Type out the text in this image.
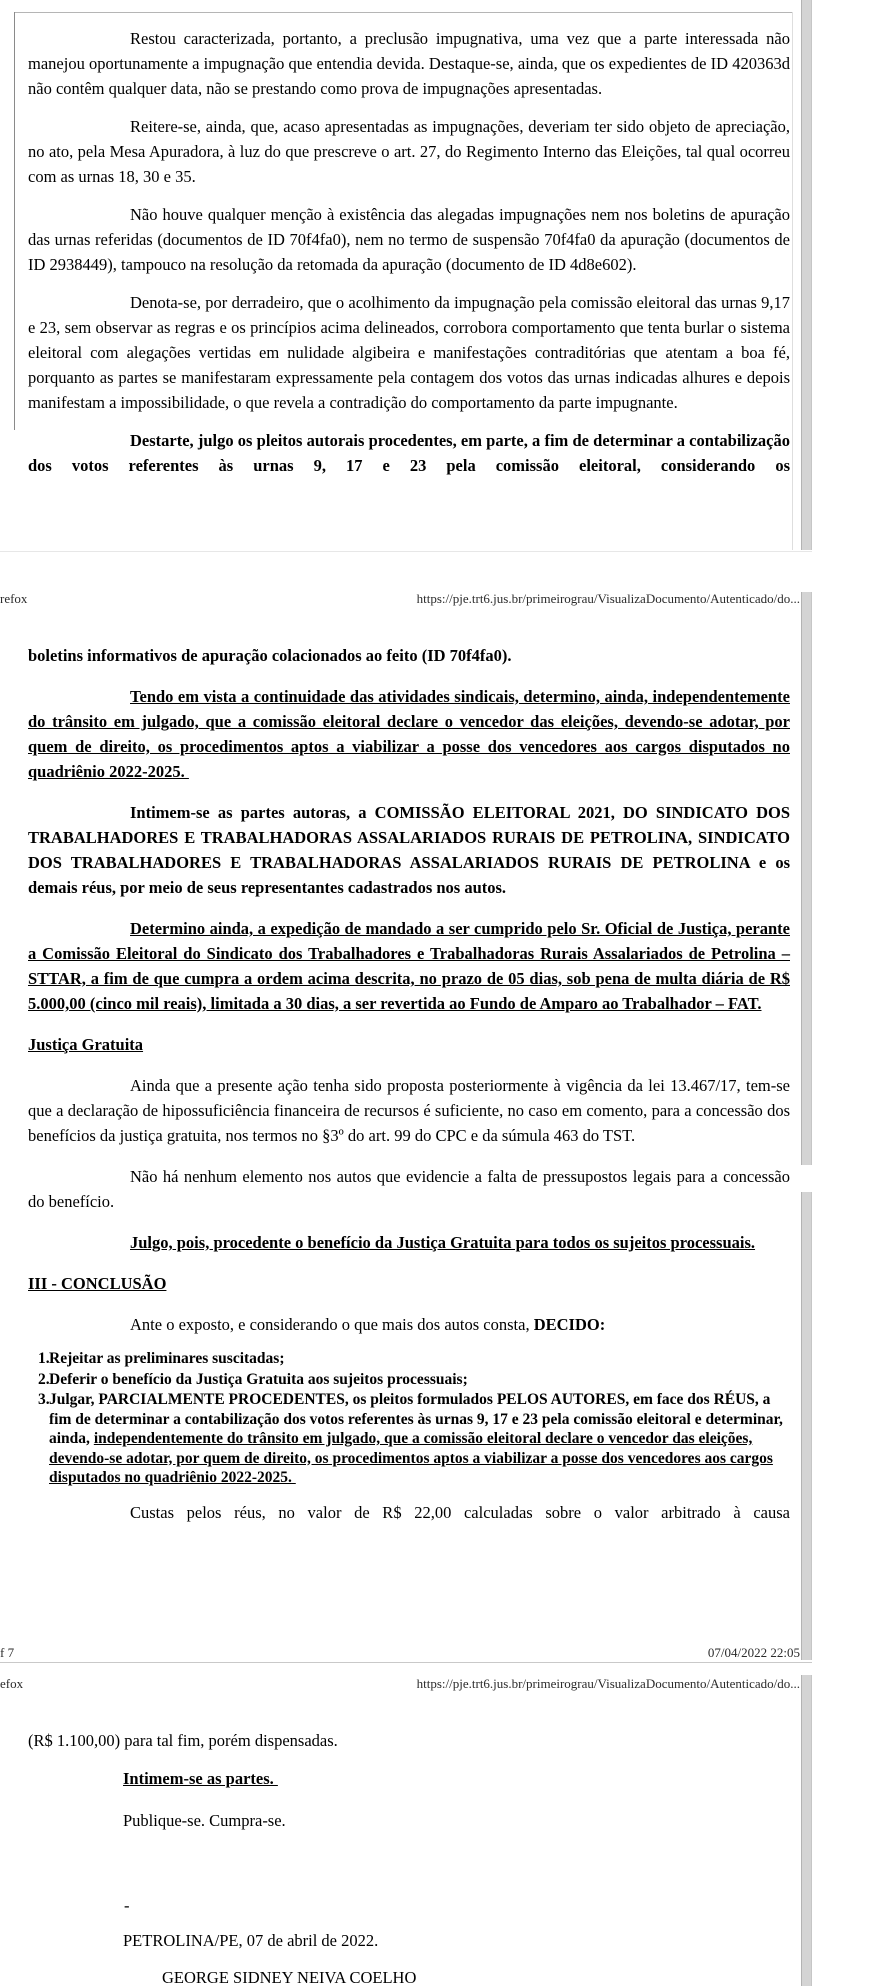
Restou caracterizada, portanto, a preclusão impugnativa, uma vez que a parte interessada não manejou oportunamente a impugnação que entendia devida. Destaque-se, ainda, que os expedientes de ID 420363d não contêm qualquer data, não se prestando como prova de impugnações apresentadas.

Reitere-se, ainda, que, acaso apresentadas as impugnações, deveriam ter sido objeto de apreciação, no ato, pela Mesa Apuradora, à luz do que prescreve o art. 27, do Regimento Interno das Eleições, tal qual ocorreu com as urnas 18, 30 e 35.

Não houve qualquer menção à existência das alegadas impugnações nem nos boletins de apuração das urnas referidas (documentos de ID 70f4fa0), nem no termo de suspensão 70f4fa0 da apuração (documentos de ID 2938449), tampouco na resolução da retomada da apuração (documento de ID 4d8e602).

Denota-se, por derradeiro, que o acolhimento da impugnação pela comissão eleitoral das urnas 9,17 e 23, sem observar as regras e os princípios acima delineados, corrobora comportamento que tenta burlar o sistema eleitoral com alegações vertidas em nulidade algibeira e manifestações contraditórias que atentam a boa fé, porquanto as partes se manifestaram expressamente pela contagem dos votos das urnas indicadas alhures e depois manifestam a impossibilidade, o que revela a contradição do comportamento da parte impugnante.

Destarte, julgo os pleitos autorais procedentes, em parte, a fim de determinar a contabilização dos votos referentes às urnas 9, 17 e 23 pela comissão eleitoral, considerando os

refox	https://pje.trt6.jus.br/primeirograu/VisualizaDocumento/Autenticado/do...

boletins informativos de apuração colacionados ao feito (ID 70f4fa0).

Tendo em vista a continuidade das atividades sindicais, determino, ainda, independentemente do trânsito em julgado, que a comissão eleitoral declare o vencedor das eleições, devendo-se adotar, por quem de direito, os procedimentos aptos a viabilizar a posse dos vencedores aos cargos disputados no quadriênio 2022-2025.

Intimem-se as partes autoras, a COMISSÃO ELEITORAL 2021, DO SINDICATO DOS TRABALHADORES E TRABALHADORAS ASSALARIADOS RURAIS DE PETROLINA, SINDICATO DOS TRABALHADORES E TRABALHADORAS ASSALARIADOS RURAIS DE PETROLINA e os demais réus, por meio de seus representantes cadastrados nos autos.

Determino ainda, a expedição de mandado a ser cumprido pelo Sr. Oficial de Justiça, perante a Comissão Eleitoral do Sindicato dos Trabalhadores e Trabalhadoras Rurais Assalariados de Petrolina – STTAR, a fim de que cumpra a ordem acima descrita, no prazo de 05 dias, sob pena de multa diária de R$ 5.000,00 (cinco mil reais), limitada a 30 dias, a ser revertida ao Fundo de Amparo ao Trabalhador – FAT.

Justiça Gratuita

Ainda que a presente ação tenha sido proposta posteriormente à vigência da lei 13.467/17, tem-se que a declaração de hipossuficiência financeira de recursos é suficiente, no caso em comento, para a concessão dos benefícios da justiça gratuita, nos termos no §3º do art. 99 do CPC e da súmula 463 do TST.

Não há nenhum elemento nos autos que evidencie a falta de pressupostos legais para a concessão do benefício.

Julgo, pois, procedente o benefício da Justiça Gratuita para todos os sujeitos processuais.

III - CONCLUSÃO

Ante o exposto, e considerando o que mais dos autos consta, DECIDO:

1. Rejeitar as preliminares suscitadas;
2. Deferir o benefício da Justiça Gratuita aos sujeitos processuais;
3. Julgar, PARCIALMENTE PROCEDENTES, os pleitos formulados PELOS AUTORES, em face dos RÉUS, a fim de determinar a contabilização dos votos referentes às urnas 9, 17 e 23 pela comissão eleitoral e determinar, ainda, independentemente do trânsito em julgado, que a comissão eleitoral declare o vencedor das eleições, devendo-se adotar, por quem de direito, os procedimentos aptos a viabilizar a posse dos vencedores aos cargos disputados no quadriênio 2022-2025.

Custas pelos réus, no valor de R$ 22,00 calculadas sobre o valor arbitrado à causa

f 7	07/04/2022 22:05
efox	https://pje.trt6.jus.br/primeirograu/VisualizaDocumento/Autenticado/do...

(R$ 1.100,00) para tal fim, porém dispensadas.

Intimem-se as partes.

Publique-se. Cumpra-se.

-

PETROLINA/PE, 07 de abril de 2022.

GEORGE SIDNEY NEIVA COELHO
